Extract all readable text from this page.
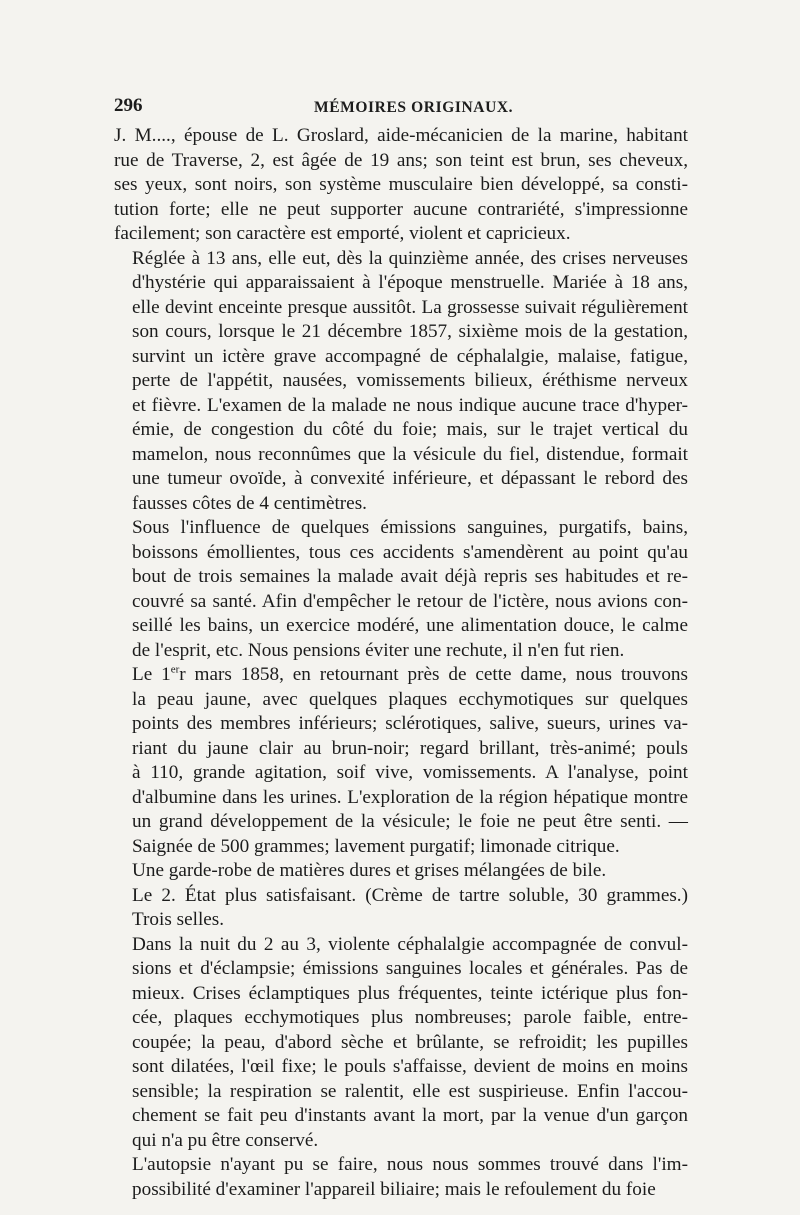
296	MÉMOIRES ORIGINAUX.

J. M...., épouse de L. Groslard, aide-mécanicien de la marine, habitant
rue de Traverse, 2, est âgée de 19 ans; son teint est brun, ses cheveux,
ses yeux, sont noirs, son système musculaire bien développé, sa consti-
tution forte; elle ne peut supporter aucune contrariété, s'impressionne
facilement; son caractère est emporté, violent et capricieux.

Réglée à 13 ans, elle eut, dès la quinzième année, des crises nerveuses
d'hystérie qui apparaissaient à l'époque menstruelle. Mariée à 18 ans,
elle devint enceinte presque aussitôt. La grossesse suivait régulièrement
son cours, lorsque le 21 décembre 1857, sixième mois de la gestation,
survint un ictère grave accompagné de céphalalgie, malaise, fatigue,
perte de l'appétit, nausées, vomissements bilieux, éréthisme nerveux
et fièvre. L'examen de la malade ne nous indique aucune trace d'hyper-
émie, de congestion du côté du foie; mais, sur le trajet vertical du
mamelon, nous reconnûmes que la vésicule du fiel, distendue, formait
une tumeur ovoïde, à convexité inférieure, et dépassant le rebord des
fausses côtes de 4 centimètres.

Sous l'influence de quelques émissions sanguines, purgatifs, bains,
boissons émollientes, tous ces accidents s'amendèrent au point qu'au
bout de trois semaines la malade avait déjà repris ses habitudes et re-
couvré sa santé. Afin d'empêcher le retour de l'ictère, nous avions con-
seillé les bains, un exercice modéré, une alimentation douce, le calme
de l'esprit, etc. Nous pensions éviter une rechute, il n'en fut rien.

Le 1err mars 1858, en retournant près de cette dame, nous trouvons
la peau jaune, avec quelques plaques ecchymotiques sur quelques
points des membres inférieurs; sclérotiques, salive, sueurs, urines va-
riant du jaune clair au brun-noir; regard brillant, très-animé; pouls
à 110, grande agitation, soif vive, vomissements. A l'analyse, point
d'albumine dans les urines. L'exploration de la région hépatique montre
un grand développement de la vésicule; le foie ne peut être senti. —
Saignée de 500 grammes; lavement purgatif; limonade citrique.

Une garde-robe de matières dures et grises mélangées de bile.

Le 2. État plus satisfaisant. (Crème de tartre soluble, 30 grammes.)
Trois selles.

Dans la nuit du 2 au 3, violente céphalalgie accompagnée de convul-
sions et d'éclampsie; émissions sanguines locales et générales. Pas de
mieux. Crises éclamptiques plus fréquentes, teinte ictérique plus fon-
cée, plaques ecchymotiques plus nombreuses; parole faible, entre-
coupée; la peau, d'abord sèche et brûlante, se refroidit; les pupilles
sont dilatées, l'œil fixe; le pouls s'affaisse, devient de moins en moins
sensible; la respiration se ralentit, elle est suspirieuse. Enfin l'accou-
chement se fait peu d'instants avant la mort, par la venue d'un garçon
qui n'a pu être conservé.

L'autopsie n'ayant pu se faire, nous nous sommes trouvé dans l'im-
possibilité d'examiner l'appareil biliaire; mais le refoulement du foie
